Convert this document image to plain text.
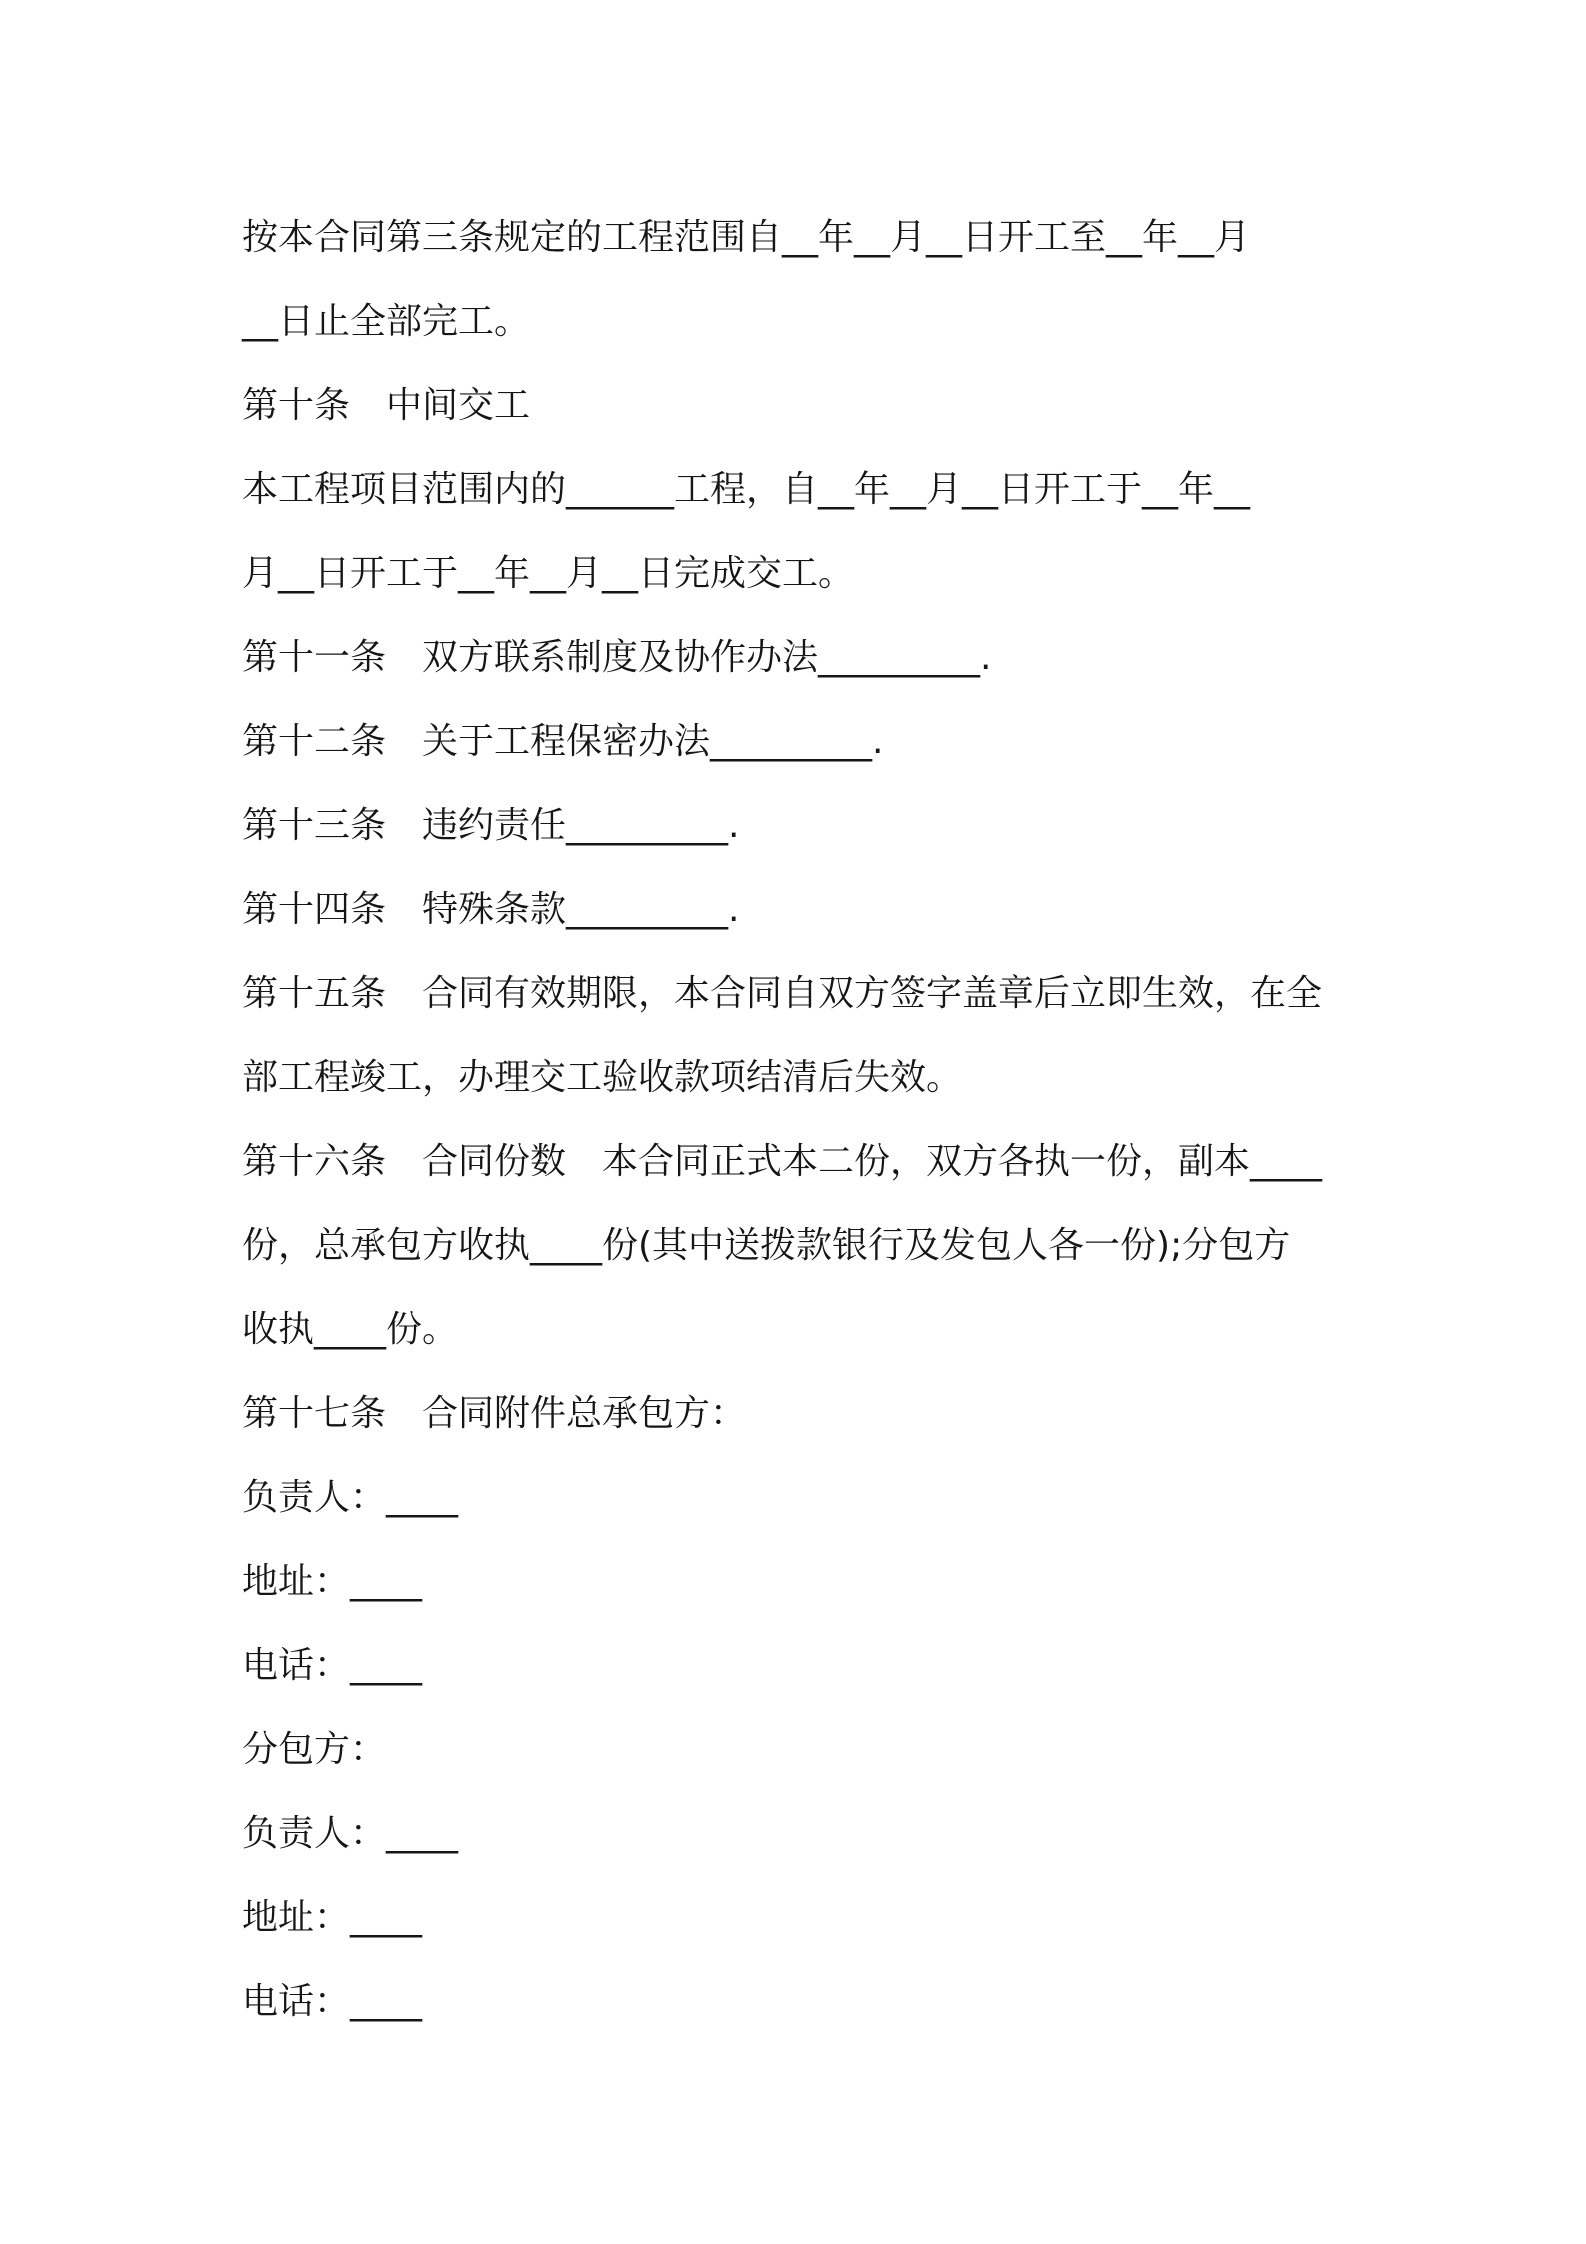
按本合同第三条规定的工程范围自__年__月__日开工至__年__月

__日止全部完工。

第十条　中间交工

本工程项目范围内的______工程，自__年__月__日开工于__年__

月__日开工于__年__月__日完成交工。

第十一条　双方联系制度及协作办法_________.

第十二条　关于工程保密办法_________.

第十三条　违约责任_________.

第十四条　特殊条款_________.

第十五条　合同有效期限，本合同自双方签字盖章后立即生效，在全

部工程竣工，办理交工验收款项结清后失效。

第十六条　合同份数　本合同正式本二份，双方各执一份，副本____

份，总承包方收执____份(其中送拨款银行及发包人各一份);分包方

收执____份。

第十七条　合同附件总承包方：

负责人：____

地址：____

电话：____

分包方：

负责人：____

地址：____

电话：____
